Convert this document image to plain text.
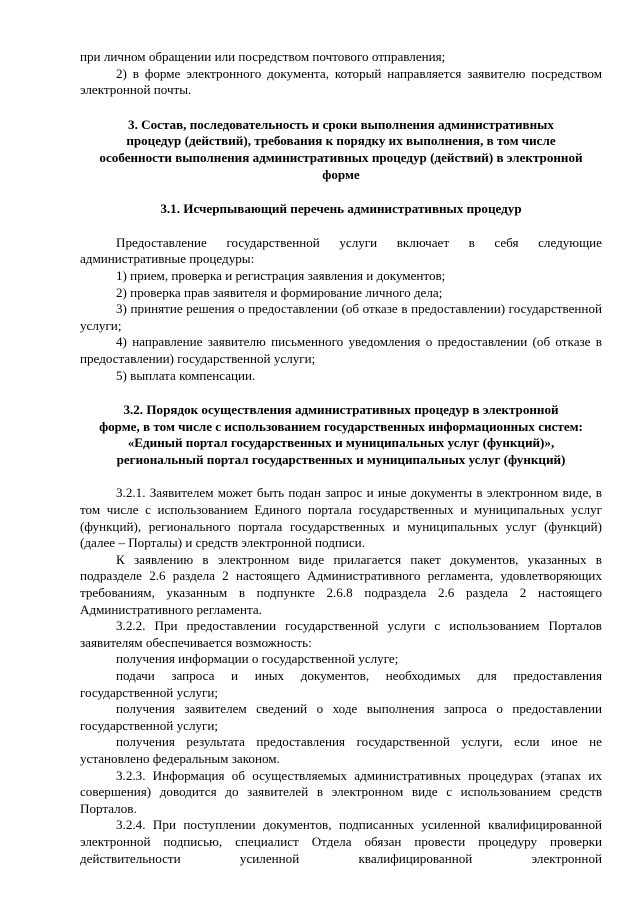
при личном обращении или посредством почтового отправления;

2) в форме электронного документа, который направляется заявителю посредством электронной почты.

3. Состав, последовательность и сроки выполнения административных
процедур (действий), требования к порядку их выполнения, в том числе
особенности выполнения административных процедур (действий) в электронной
форме
3.1. Исчерпывающий перечень административных процедур

Предоставление государственной услуги включает в себя следующие административные процедуры:

1) прием, проверка и регистрация заявления и документов;

2) проверка прав заявителя и формирование личного дела;

3) принятие решения о предоставлении (об отказе в предоставлении) государственной услуги;

4) направление заявителю письменного уведомления о предоставлении (об отказе в предоставлении) государственной услуги;

5) выплата компенсации.

3.2. Порядок осуществления административных процедур в электронной
форме, в том числе с использованием государственных информационных систем:
«Единый портал государственных и муниципальных услуг (функций)»,
региональный портал государственных и муниципальных услуг (функций)

3.2.1. Заявителем может быть подан запрос и иные документы в электронном виде, в том числе с использованием Единого портала государственных и муниципальных услуг (функций), регионального портала государственных и муниципальных услуг (функций) (далее – Порталы) и средств электронной подписи.

К заявлению в электронном виде прилагается пакет документов, указанных в подразделе 2.6 раздела 2 настоящего Административного регламента, удовлетворяющих требованиям, указанным в подпункте 2.6.8 подраздела 2.6 раздела 2 настоящего Административного регламента.

3.2.2. При предоставлении государственной услуги с использованием Порталов заявителям обеспечивается возможность:

получения информации о государственной услуге;

подачи запроса и иных документов, необходимых для предоставления государственной услуги;

получения заявителем сведений о ходе выполнения запроса о предоставлении государственной услуги;

получения результата предоставления государственной услуги, если иное не установлено федеральным законом.

3.2.3. Информация об осуществляемых административных процедурах (этапах их совершения) доводится до заявителей в электронном виде с использованием средств Порталов.

3.2.4. При поступлении документов, подписанных усиленной квалифицированной электронной подписью, специалист Отдела обязан провести процедуру проверки действительности усиленной квалифицированной электронной
